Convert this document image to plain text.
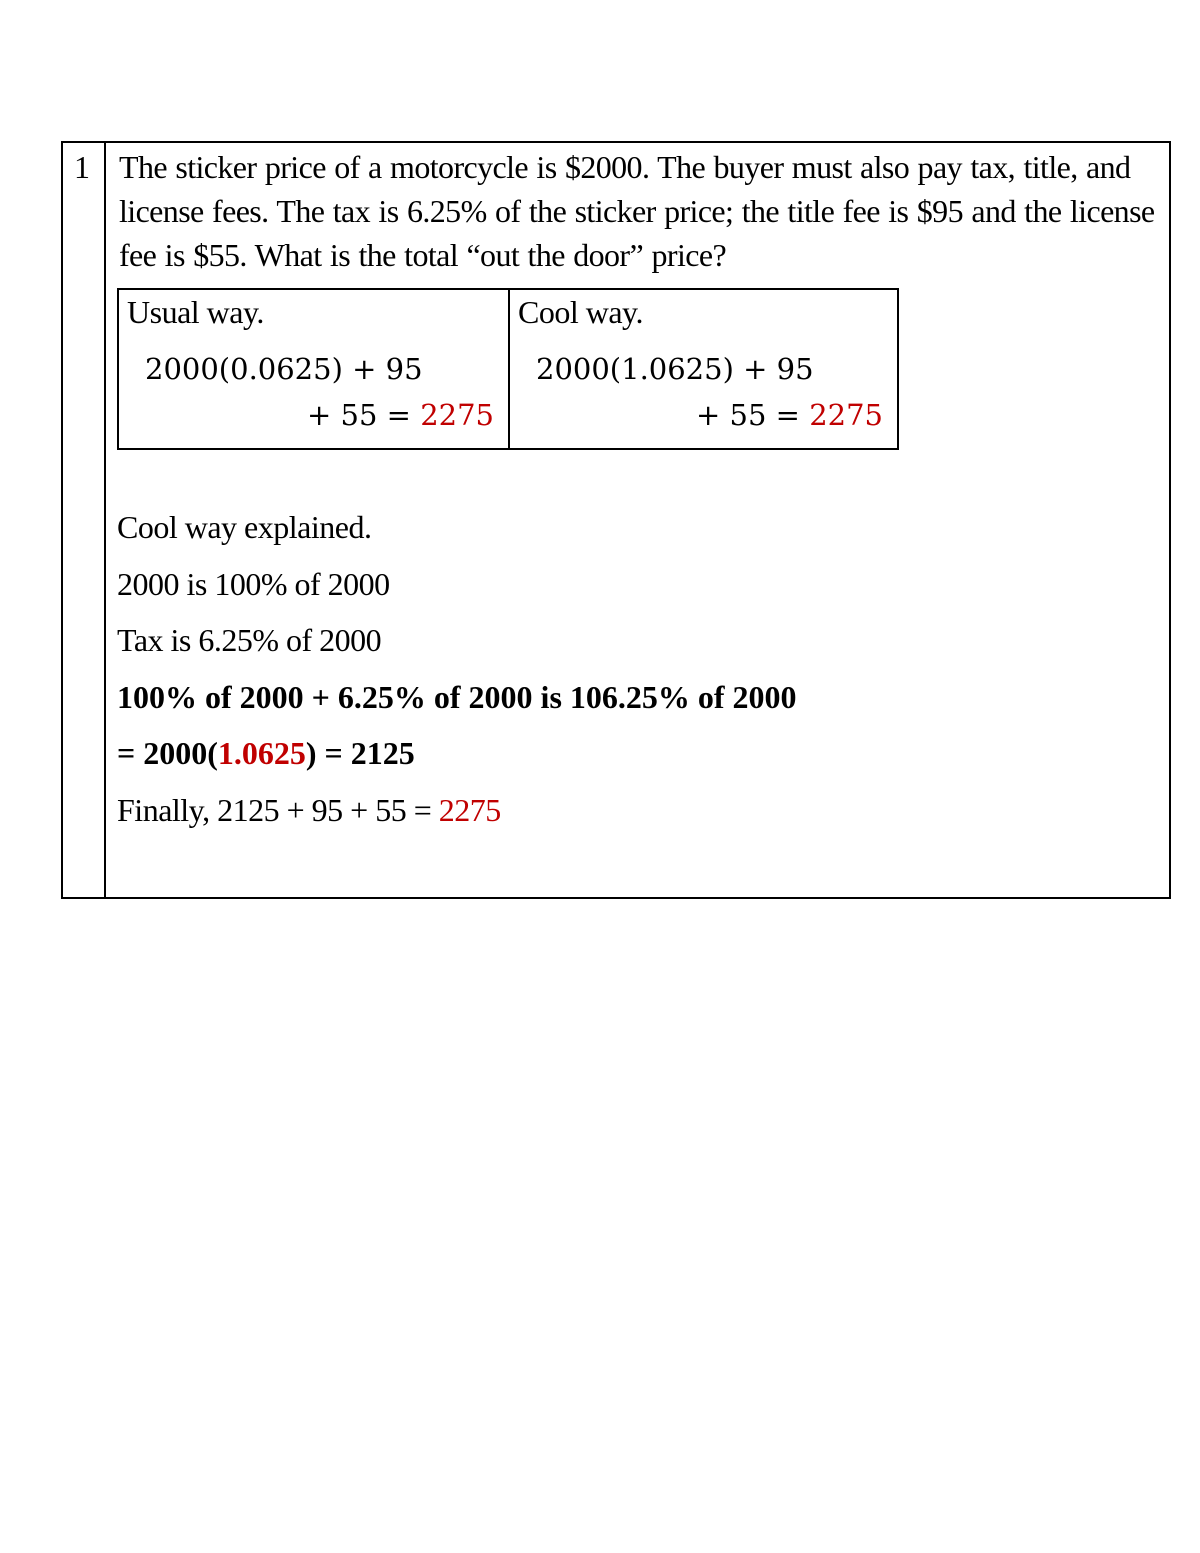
1 The sticker price of a motorcycle is $2000. The buyer must also pay tax, title, and license fees. The tax is 6.25% of the sticker price; the title fee is $95 and the license fee is $55. What is the total “out the door” price?
Usual way.
2000(0.0625) + 95
+ 55 = 2275
Cool way.
2000(1.0625) + 95
+ 55 = 2275
Cool way explained.
2000 is 100% of 2000
Tax is 6.25% of 2000
100% of 2000 + 6.25% of 2000 is 106.25% of 2000
= 2000(1.0625) = 2125
Finally, 2125 + 95 + 55 = 2275
